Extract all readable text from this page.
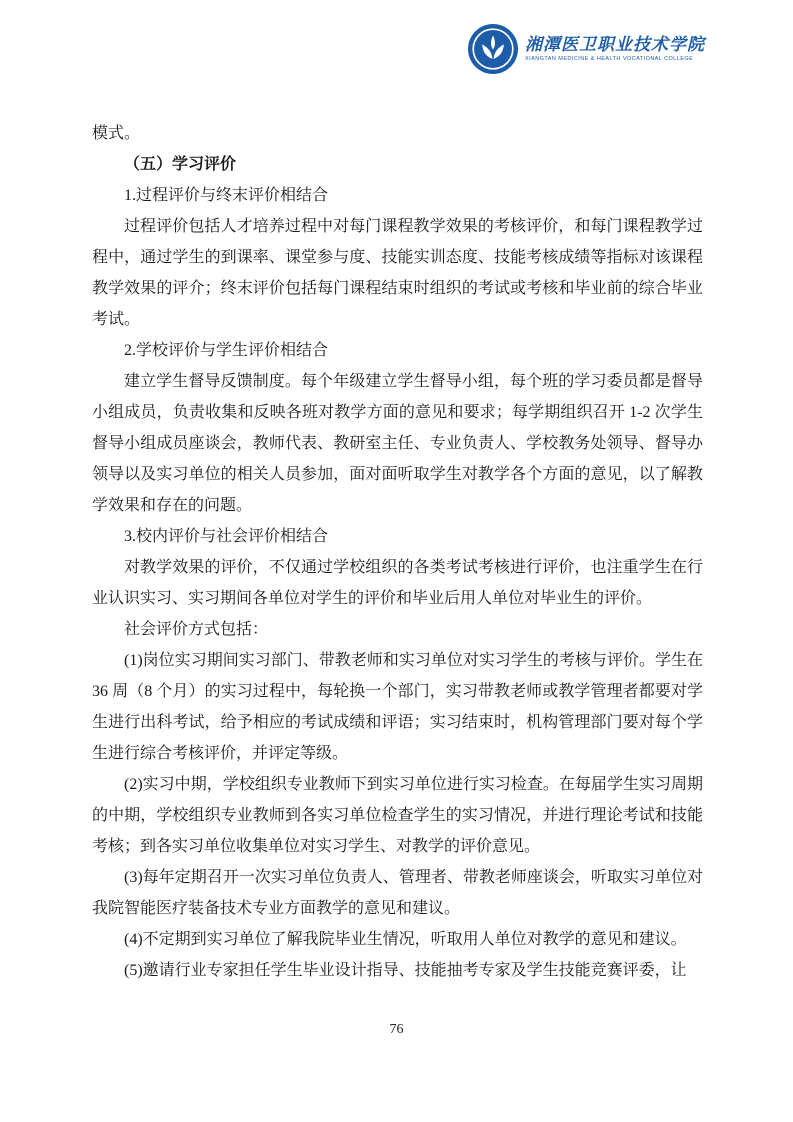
湘潭医卫职业技术学院
XIANGTAN MEDICINE & HEALTH VOCATIONAL COLLEGE

模式。

（五）学习评价

1.过程评价与终末评价相结合

过程评价包括人才培养过程中对每门课程教学效果的考核评价，和每门课程教学过程中，通过学生的到课率、课堂参与度、技能实训态度、技能考核成绩等指标对该课程教学效果的评介；终末评价包括每门课程结束时组织的考试或考核和毕业前的综合毕业考试。

2.学校评价与学生评价相结合

建立学生督导反馈制度。每个年级建立学生督导小组，每个班的学习委员都是督导小组成员，负责收集和反映各班对教学方面的意见和要求；每学期组织召开 1-2 次学生督导小组成员座谈会，教师代表、教研室主任、专业负责人、学校教务处领导、督导办领导以及实习单位的相关人员参加，面对面听取学生对教学各个方面的意见，以了解教学效果和存在的问题。

3.校内评价与社会评价相结合

对教学效果的评价，不仅通过学校组织的各类考试考核进行评价，也注重学生在行业认识实习、实习期间各单位对学生的评价和毕业后用人单位对毕业生的评价。

社会评价方式包括：

(1)岗位实习期间实习部门、带教老师和实习单位对实习学生的考核与评价。学生在 36 周（8 个月）的实习过程中，每轮换一个部门，实习带教老师或教学管理者都要对学生进行出科考试，给予相应的考试成绩和评语；实习结束时，机构管理部门要对每个学生进行综合考核评价，并评定等级。

(2)实习中期，学校组织专业教师下到实习单位进行实习检查。在每届学生实习周期的中期，学校组织专业教师到各实习单位检查学生的实习情况，并进行理论考试和技能考核；到各实习单位收集单位对实习学生、对教学的评价意见。

(3)每年定期召开一次实习单位负责人、管理者、带教老师座谈会，听取实习单位对我院智能医疗装备技术专业方面教学的意见和建议。

(4)不定期到实习单位了解我院毕业生情况，听取用人单位对教学的意见和建议。

(5)邀请行业专家担任学生毕业设计指导、技能抽考专家及学生技能竞赛评委，让

76
